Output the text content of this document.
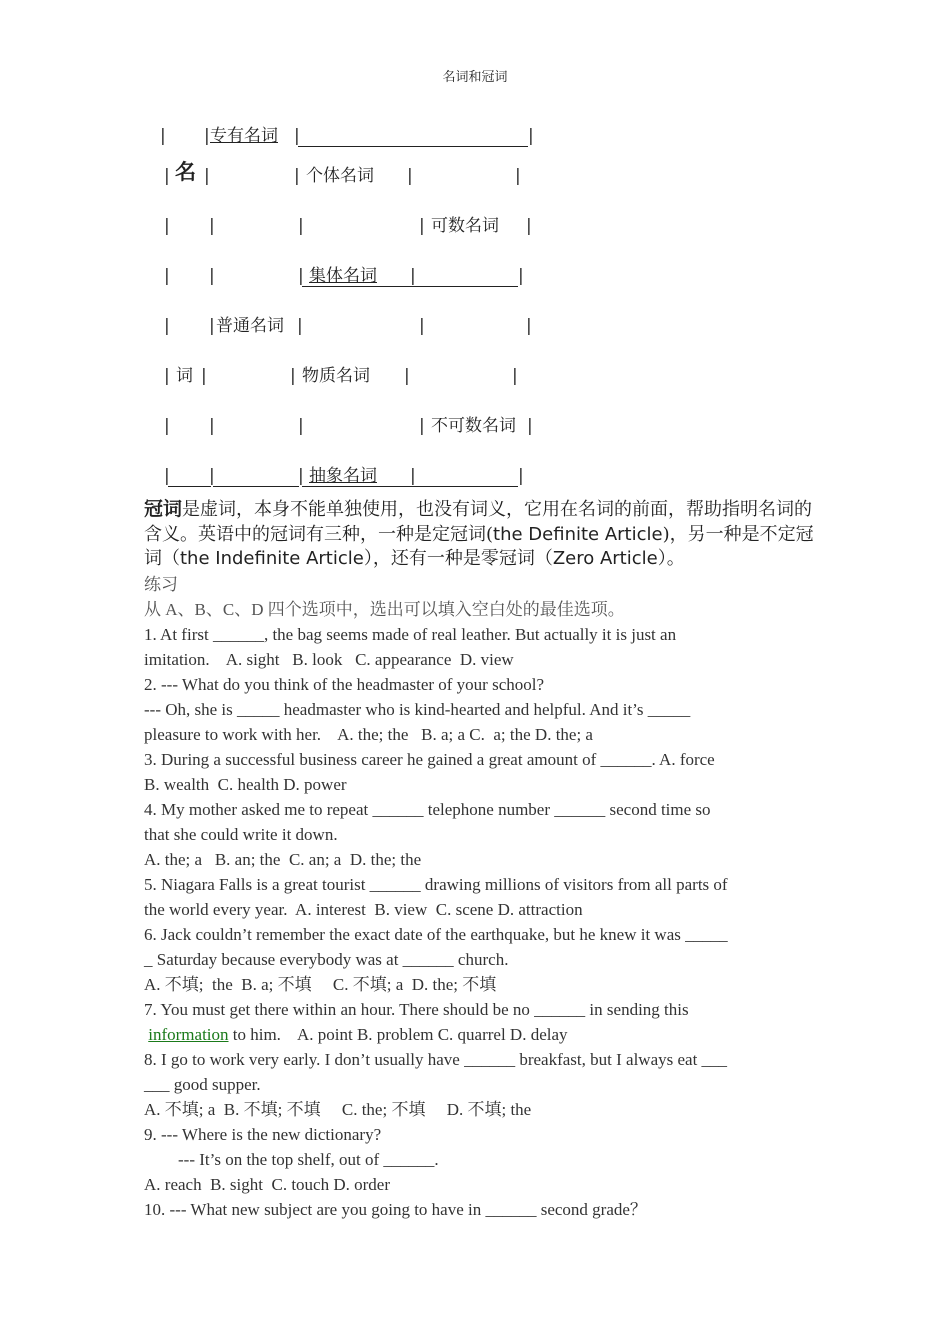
名词和冠词
| | 专有名词 |	|
| 名 |	| 个体名词 |	|
| |	|	| 可数名词 |
| |	| 集体名词 |	|
| | 普通名词 |	|	|
| 词 |	| 物质名词 |	|
| |	|	| 不可数名词 |
| |	| 抽象名词 |	|
冠词是虚词，本身不能单独使用，也没有词义，它用在名词的前面，帮助指明名词的含义。英语中的冠词有三种，一种是定冠词(the Definite Article)，另一种是不定冠词（the Indefinite Article），还有一种是零冠词（Zero Article）。
练习
从 A、B、C、D 四个选项中，选出可以填入空白处的最佳选项。
1. At first ______, the bag seems made of real leather. But actually it is just an
imitation.    A. sight   B. look   C. appearance  D. view
2. --- What do you think of the headmaster of your school?
--- Oh, she is _____ headmaster who is kind-hearted and helpful. And it’s _____
pleasure to work with her.    A. the; the   B. a; a C.  a; the D. the; a
3. During a successful business career he gained a great amount of ______. A. force
B. wealth  C. health D. power
4. My mother asked me to repeat ______ telephone number ______ second time so
that she could write it down.
A. the; a   B. an; the  C. an; a  D. the; the
5. Niagara Falls is a great tourist ______ drawing millions of visitors from all parts of
the world every year.  A. interest  B. view  C. scene D. attraction
6. Jack couldn’t remember the exact date of the earthquake, but he knew it was _____
_ Saturday because everybody was at ______ church.
A. 不填;  the  B. a; 不填     C. 不填; a  D. the; 不填
7. You must get there within an hour. There should be no ______ in sending this
information to him.    A. point B. problem C. quarrel D. delay
8. I go to work very early. I don’t usually have ______ breakfast, but I always eat ___
___ good supper.
A. 不填; a  B. 不填; 不填     C. the; 不填     D. 不填; the
9. --- Where is the new dictionary?
--- It’s on the top shelf, out of ______.
A. reach  B. sight  C. touch D. order
10. --- What new subject are you going to have in ______ second grade？
